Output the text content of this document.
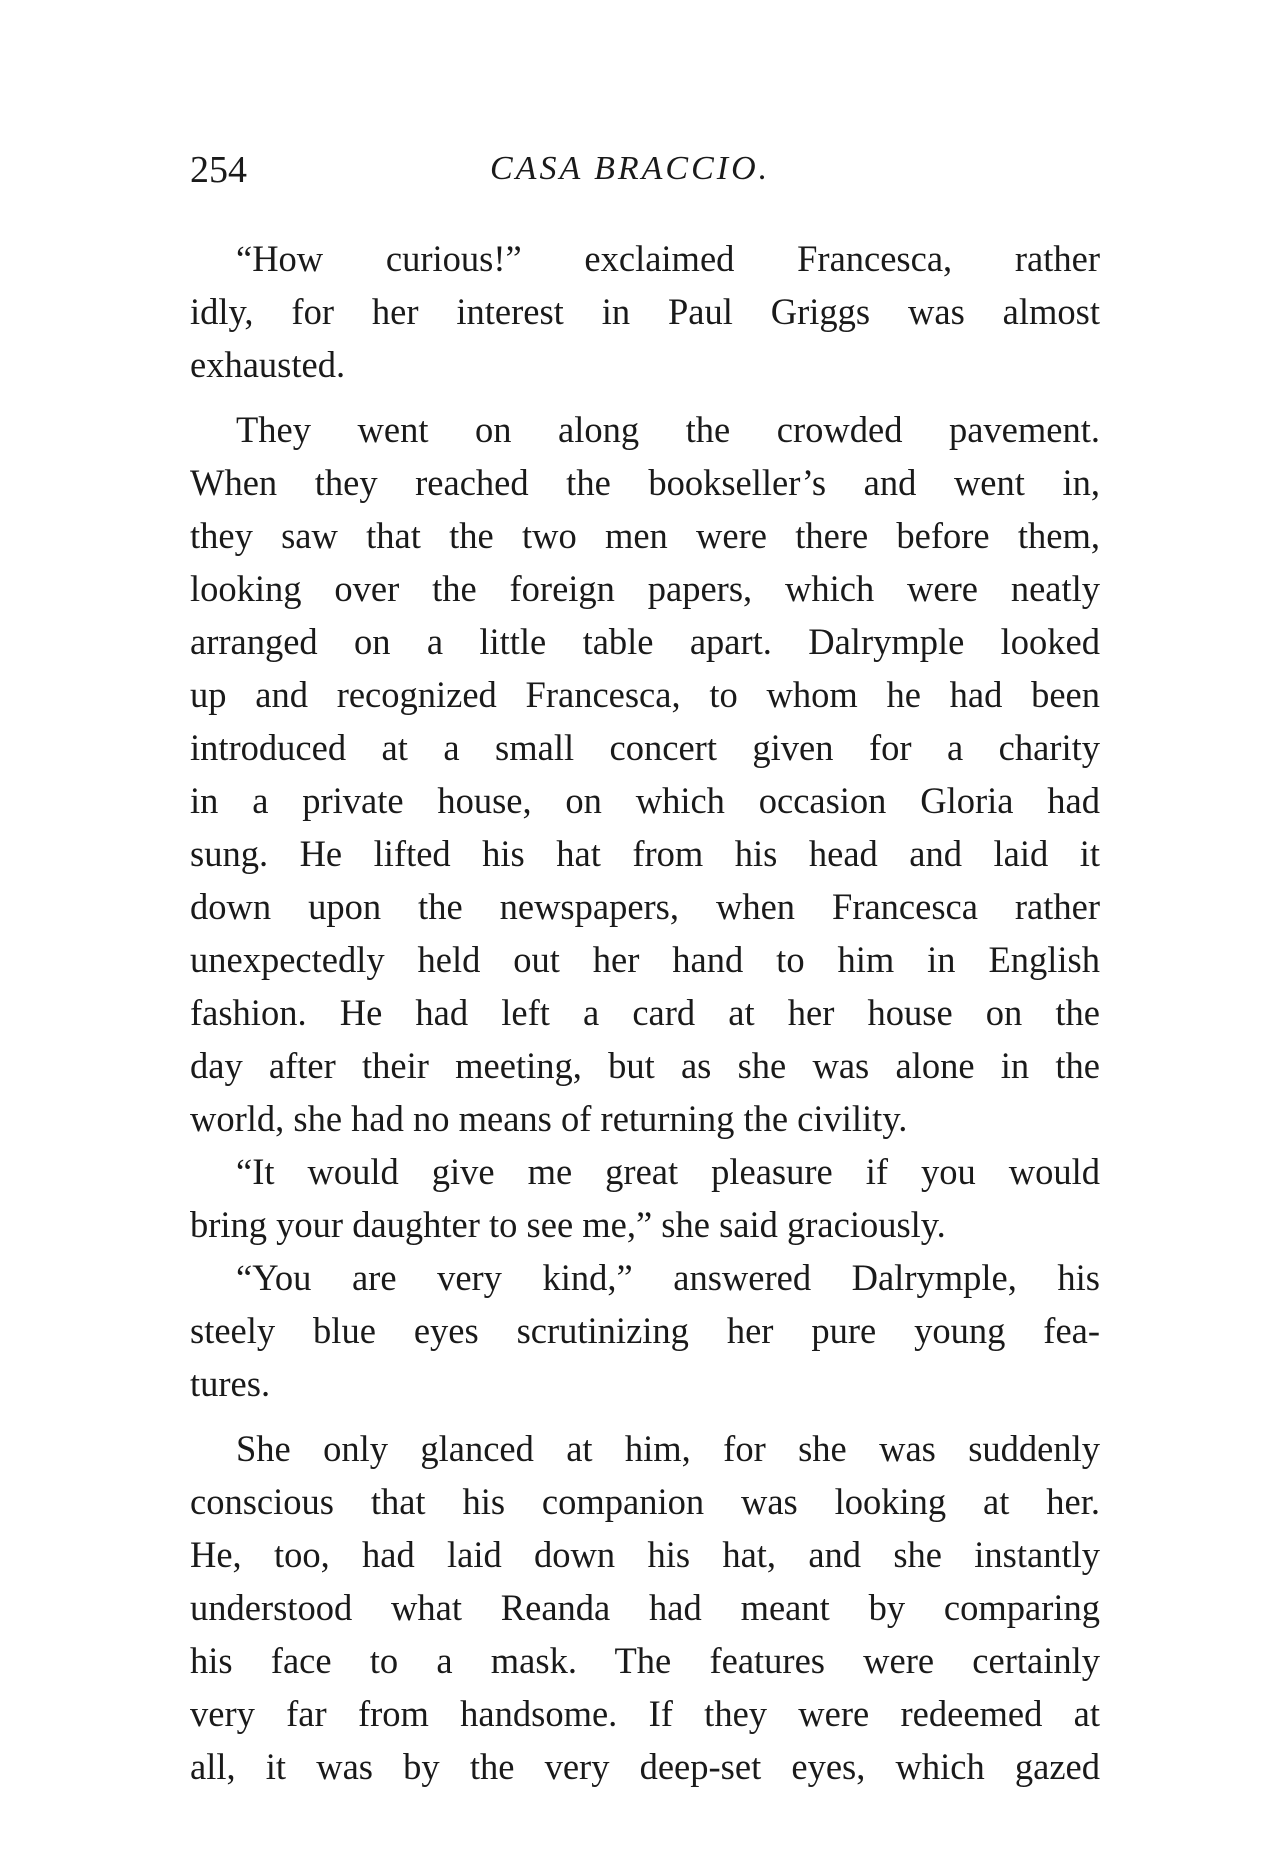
254	CASA BRACCIO.
“How curious!” exclaimed Francesca, rather
idly, for her interest in Paul Griggs was almost
exhausted.
They went on along the crowded pavement.
When they reached the bookseller’s and went in,
they saw that the two men were there before them,
looking over the foreign papers, which were neatly
arranged on a little table apart. Dalrymple looked
up and recognized Francesca, to whom he had been
introduced at a small concert given for a charity
in a private house, on which occasion Gloria had
sung. He lifted his hat from his head and laid it
down upon the newspapers, when Francesca rather
unexpectedly held out her hand to him in English
fashion. He had left a card at her house on the
day after their meeting, but as she was alone in the
world, she had no means of returning the civility.
“It would give me great pleasure if you would
bring your daughter to see me,” she said graciously.
“You are very kind,” answered Dalrymple, his
steely blue eyes scrutinizing her pure young fea-
tures.
She only glanced at him, for she was suddenly
conscious that his companion was looking at her.
He, too, had laid down his hat, and she instantly
understood what Reanda had meant by comparing
his face to a mask. The features were certainly
very far from handsome. If they were redeemed at
all, it was by the very deep-set eyes, which gazed
